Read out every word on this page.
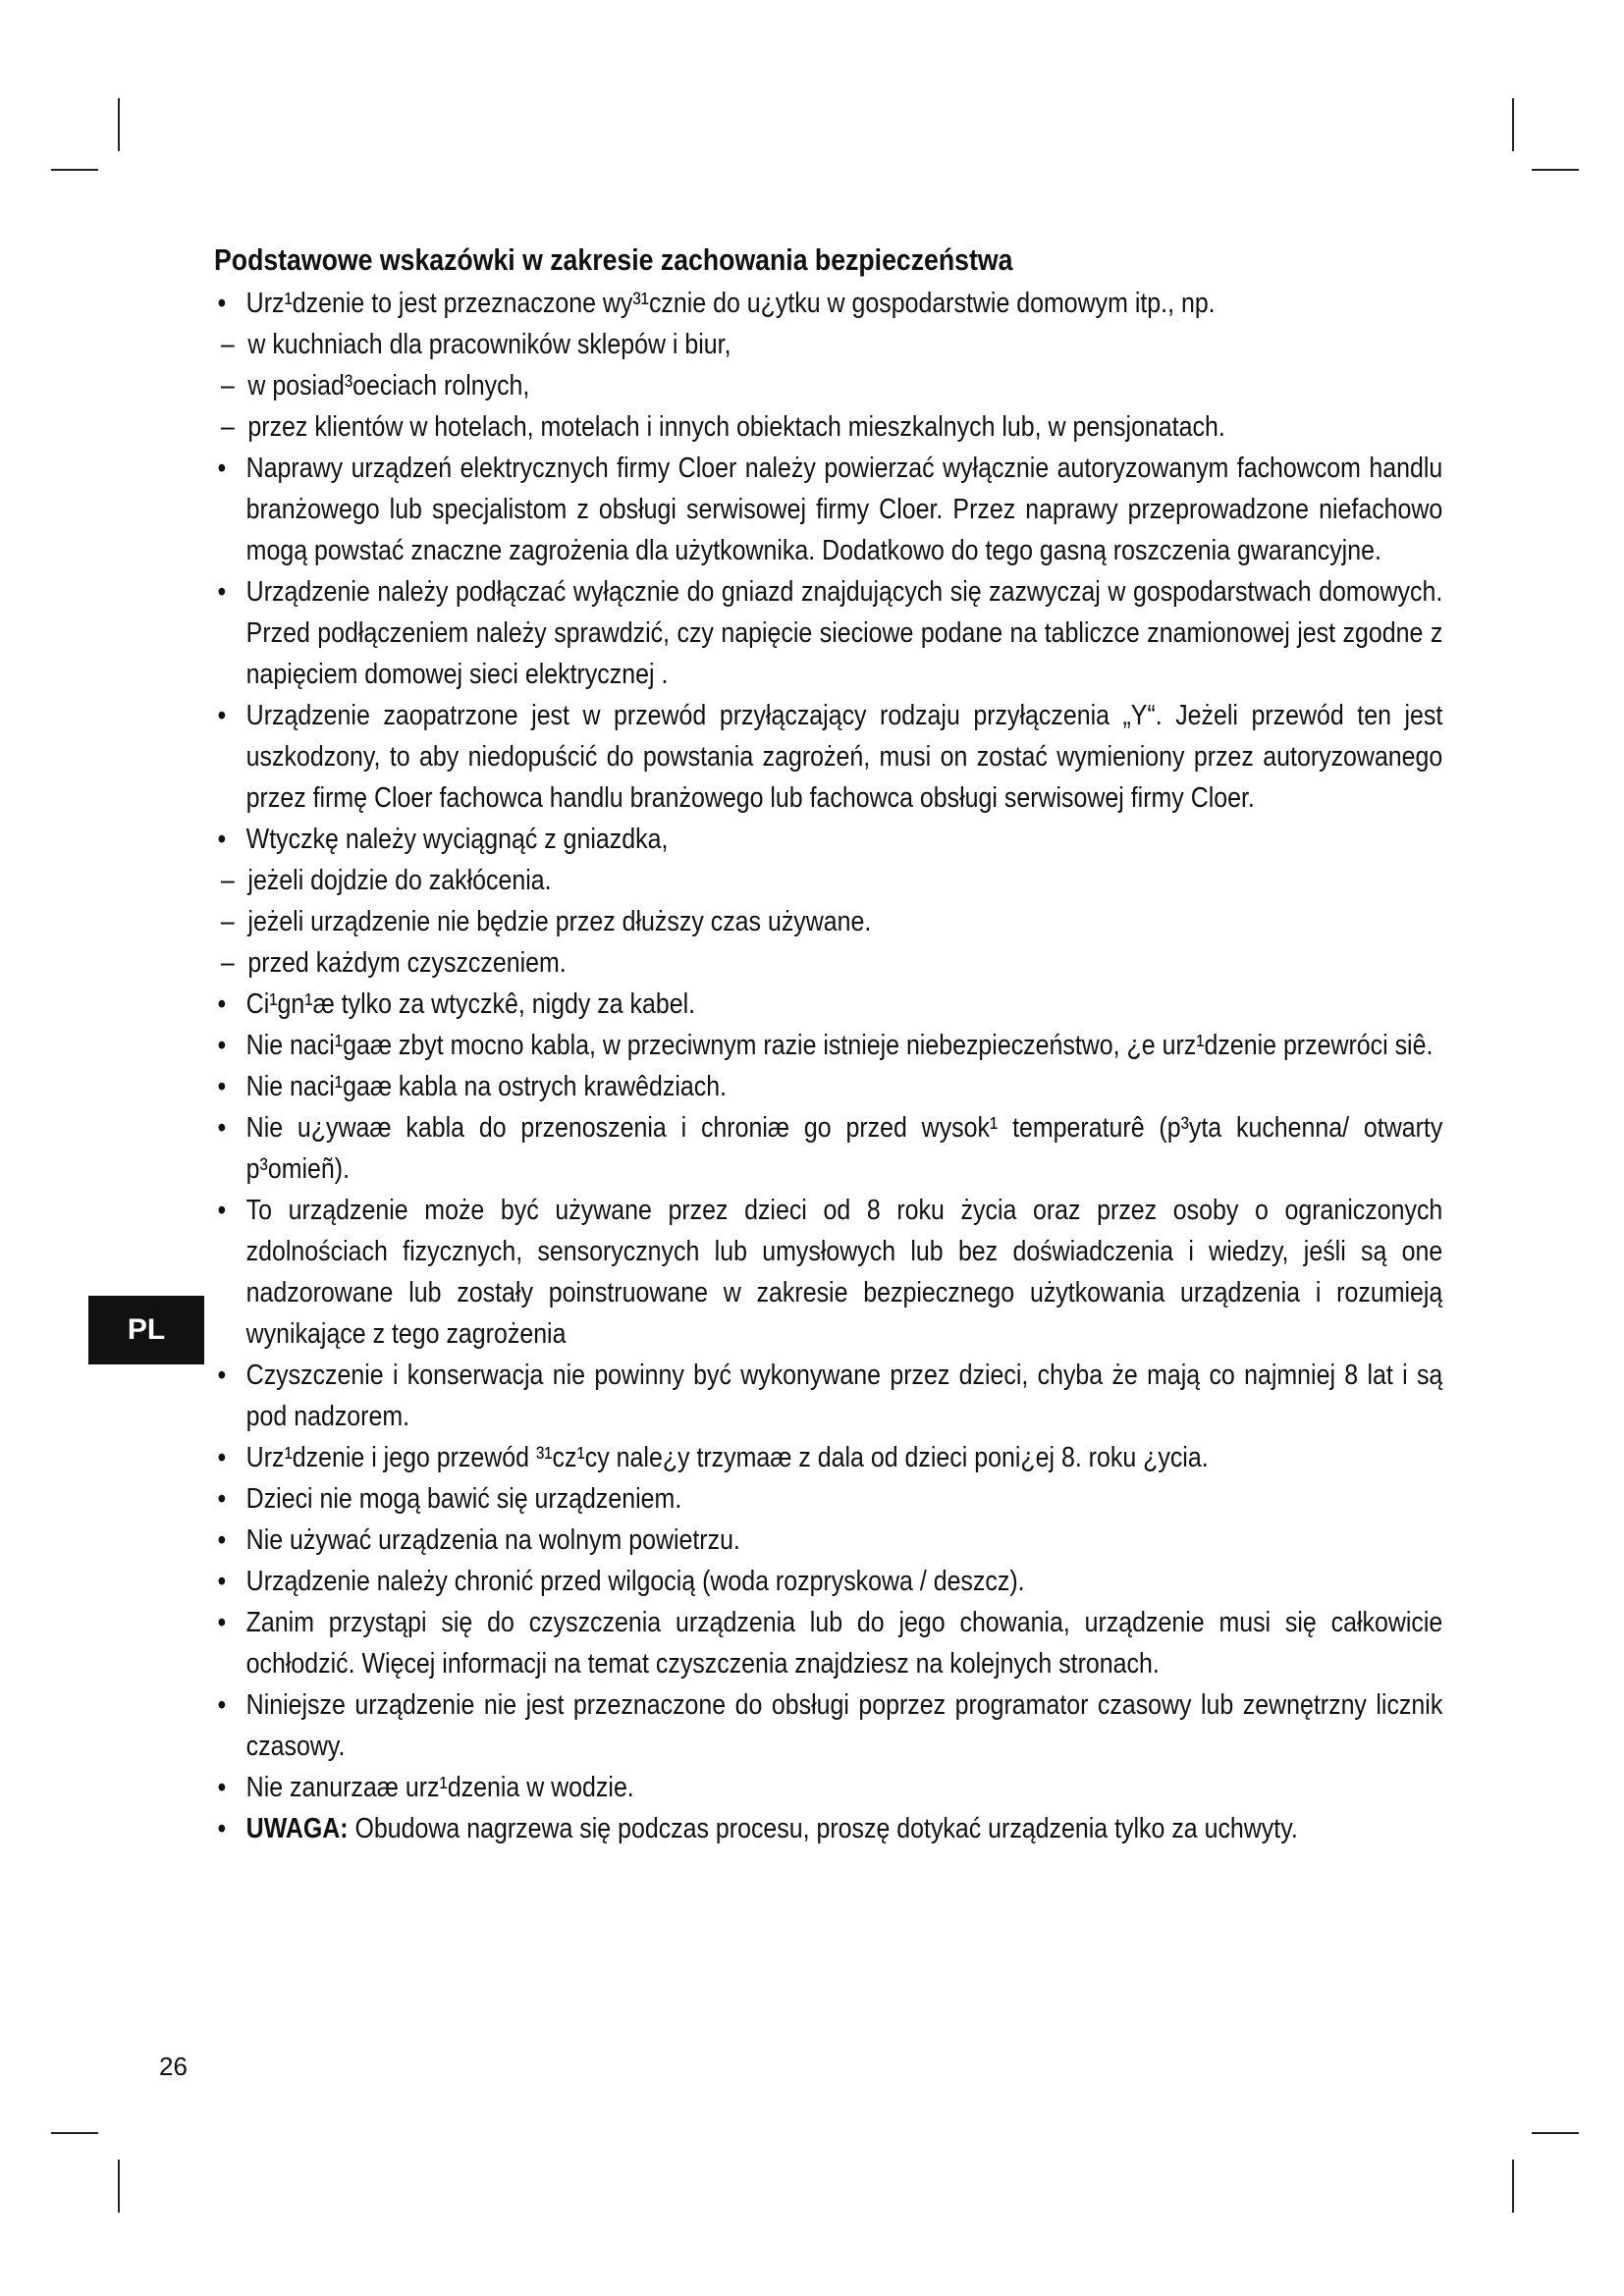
Podstawowe wskazówki w zakresie zachowania bezpieczeństwa
• Urz¹dzenie to jest przeznaczone wy³¹cznie do u¿ytku w gospodarstwie domowym itp., np.
– w kuchniach dla pracowników sklepów i biur,
– w posiad³oeciach rolnych,
– przez klientów w hotelach, motelach i innych obiektach mieszkalnych lub, w pensjonatach.
• Naprawy urządzeń elektrycznych firmy Cloer należy powierzać wyłącznie autoryzowanym fachowcom handlu branżowego lub specjalistom z obsługi serwisowej firmy Cloer. Przez naprawy przeprowadzone niefachowo mogą powstać znaczne zagrożenia dla użytkownika. Dodatkowo do tego gasną roszczenia gwarancyjne.
• Urządzenie należy podłączać wyłącznie do gniazd znajdujących się zazwyczaj w gospodarstwach domowych. Przed podłączeniem należy sprawdzić, czy napięcie sieciowe podane na tabliczce znamionowej jest zgodne z napięciem domowej sieci elektrycznej .
• Urządzenie zaopatrzone jest w przewód przyłączający rodzaju przyłączenia „Y“. Jeżeli przewód ten jest uszkodzony, to aby niedopuścić do powstania zagrożeń, musi on zostać wymieniony przez autoryzowanego przez firmę Cloer fachowca handlu branżowego lub fachowca obsługi serwisowej firmy Cloer.
• Wtyczkę należy wyciągnąć z gniazdka,
– jeżeli dojdzie do zakłócenia.
– jeżeli urządzenie nie będzie przez dłuższy czas używane.
– przed każdym czyszczeniem.
• Ci¹gn¹æ tylko za wtyczkê, nigdy za kabel.
• Nie naci¹gaæ zbyt mocno kabla, w przeciwnym razie istnieje niebezpieczeństwo, ¿e urz¹dzenie przewróci siê.
• Nie naci¹gaæ kabla na ostrych krawêdziach.
• Nie u¿ywaæ kabla do przenoszenia i chroniæ go przed wysok¹ temperaturê (p³yta kuchenna/ otwarty p³omieñ).
• To urządzenie może być używane przez dzieci od 8 roku życia oraz przez osoby o ograniczonych zdolnościach fizycznych, sensorycznych lub umysłowych lub bez doświadczenia i wiedzy, jeśli są one nadzorowane lub zostały poinstruowane w zakresie bezpiecznego użytkowania urządzenia i rozumieją wynikające z tego zagrożenia
• Czyszczenie i konserwacja nie powinny być wykonywane przez dzieci, chyba że mają co najmniej 8 lat i są pod nadzorem.
• Urz¹dzenie i jego przewód ³¹cz¹cy nale¿y trzymaæ z dala od dzieci poni¿ej 8. roku ¿ycia.
• Dzieci nie mogą bawić się urządzeniem.
• Nie używać urządzenia na wolnym powietrzu.
• Urządzenie należy chronić przed wilgocią (woda rozpryskowa / deszcz).
• Zanim przystąpi się do czyszczenia urządzenia lub do jego chowania, urządzenie musi się całkowicie ochłodzić. Więcej informacji na temat czyszczenia znajdziesz na kolejnych stronach.
• Niniejsze urządzenie nie jest przeznaczone do obsługi poprzez programator czasowy lub zewnętrzny licznik czasowy.
• Nie zanurzaæ urz¹dzenia w wodzie.
• UWAGA: Obudowa nagrzewa się podczas procesu, proszę dotykać urządzenia tylko za uchwyty.
PL
26
